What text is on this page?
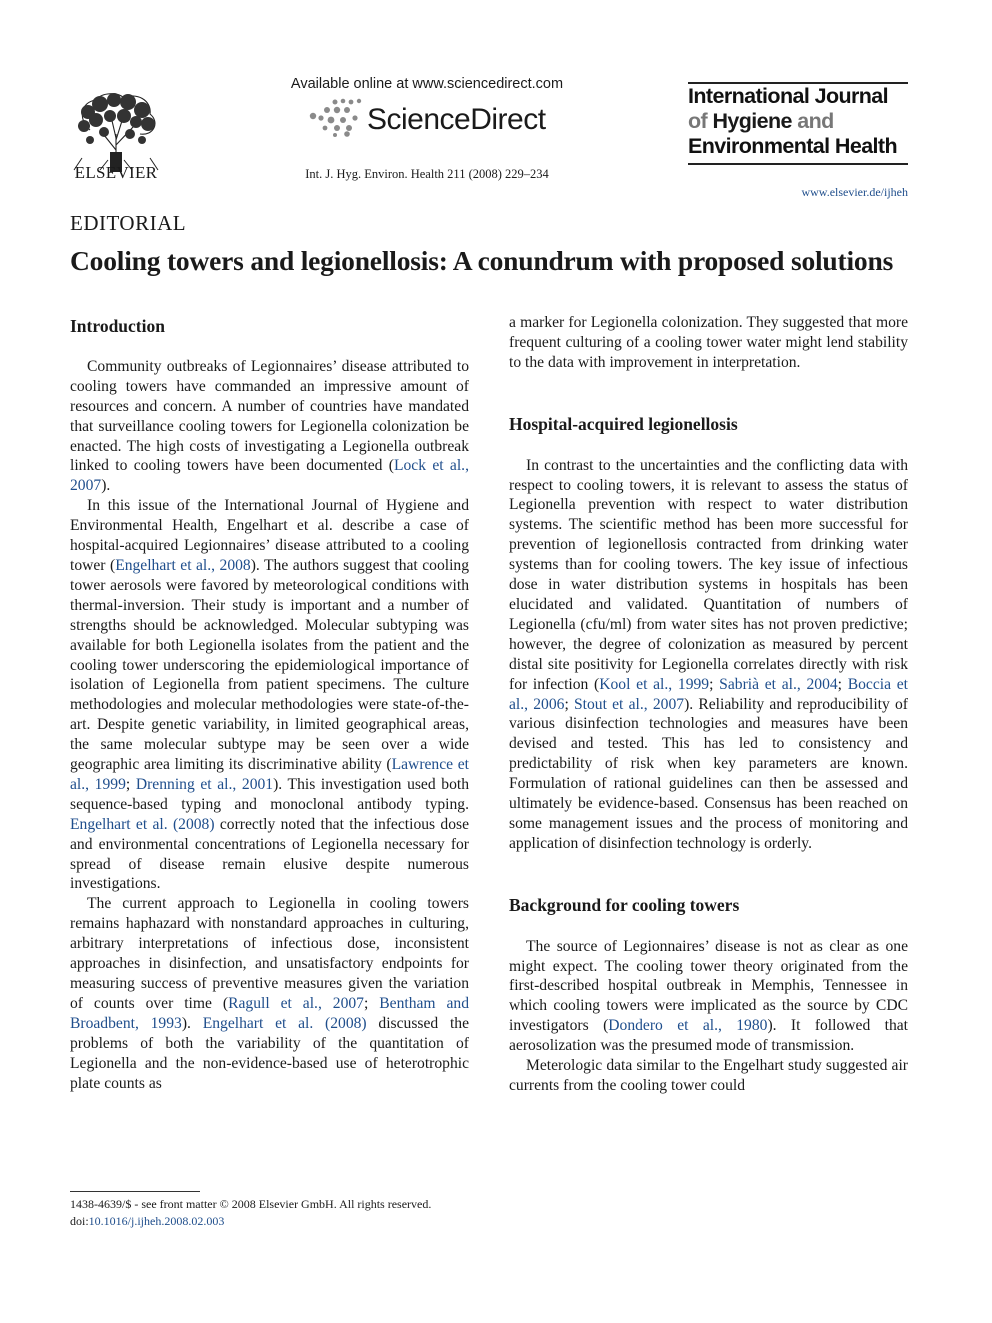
ELSEVIER
Available online at www.sciencedirect.com
ScienceDirect
Int. J. Hyg. Environ. Health 211 (2008) 229–234
International Journal
of Hygiene and
Environmental Health
www.elsevier.de/ijheh
EDITORIAL
Cooling towers and legionellosis: A conundrum with proposed solutions
Introduction

Community outbreaks of Legionnaires’ disease attributed to cooling towers have commanded an impressive amount of resources and concern. A number of countries have mandated that surveillance cooling towers for Legionella colonization be enacted. The high costs of investigating a Legionella outbreak linked to cooling towers have been documented (Lock et al., 2007).

In this issue of the International Journal of Hygiene and Environmental Health, Engelhart et al. describe a case of hospital-acquired Legionnaires’ disease attributed to a cooling tower (Engelhart et al., 2008). The authors suggest that cooling tower aerosols were favored by meteorological conditions with thermal-inversion. Their study is important and a number of strengths should be acknowledged. Molecular subtyping was available for both Legionella isolates from the patient and the cooling tower underscoring the epidemiological importance of isolation of Legionella from patient specimens. The culture methodologies and molecular methodologies were state-of-the-art. Despite genetic variability, in limited geographical areas, the same molecular subtype may be seen over a wide geographic area limiting its discriminative ability (Lawrence et al., 1999; Drenning et al., 2001). This investigation used both sequence-based typing and monoclonal antibody typing. Engelhart et al. (2008) correctly noted that the infectious dose and environmental concentrations of Legionella necessary for spread of disease remain elusive despite numerous investigations.

The current approach to Legionella in cooling towers remains haphazard with nonstandard approaches in culturing, arbitrary interpretations of infectious dose, inconsistent approaches in disinfection, and unsatisfactory endpoints for measuring success of preventive measures given the variation of counts over time (Ragull et al., 2007; Bentham and Broadbent, 1993). Engelhart et al. (2008) discussed the problems of both the variability of the quantitation of Legionella and the non-evidence-based use of heterotrophic plate counts as

a marker for Legionella colonization. They suggested that more frequent culturing of a cooling tower water might lend stability to the data with improvement in interpretation.

Hospital-acquired legionellosis

In contrast to the uncertainties and the conflicting data with respect to cooling towers, it is relevant to assess the status of Legionella prevention with respect to water distribution systems. The scientific method has been more successful for prevention of legionellosis contracted from drinking water systems than for cooling towers. The key issue of infectious dose in water distribution systems in hospitals has been elucidated and validated. Quantitation of numbers of Legionella (cfu/ml) from water sites has not proven predictive; however, the degree of colonization as measured by percent distal site positivity for Legionella correlates directly with risk for infection (Kool et al., 1999; Sabrià et al., 2004; Boccia et al., 2006; Stout et al., 2007). Reliability and reproducibility of various disinfection technologies and measures have been devised and tested. This has led to consistency and predictability of risk when key parameters are known. Formulation of rational guidelines can then be assessed and ultimately be evidence-based. Consensus has been reached on some management issues and the process of monitoring and application of disinfection technology is orderly.

Background for cooling towers

The source of Legionnaires’ disease is not as clear as one might expect. The cooling tower theory originated from the first-described hospital outbreak in Memphis, Tennessee in which cooling towers were implicated as the source by CDC investigators (Dondero et al., 1980). It followed that aerosolization was the presumed mode of transmission.

Meterologic data similar to the Engelhart study suggested air currents from the cooling tower could

1438-4639/$ - see front matter © 2008 Elsevier GmbH. All rights reserved.
doi:10.1016/j.ijheh.2008.02.003
